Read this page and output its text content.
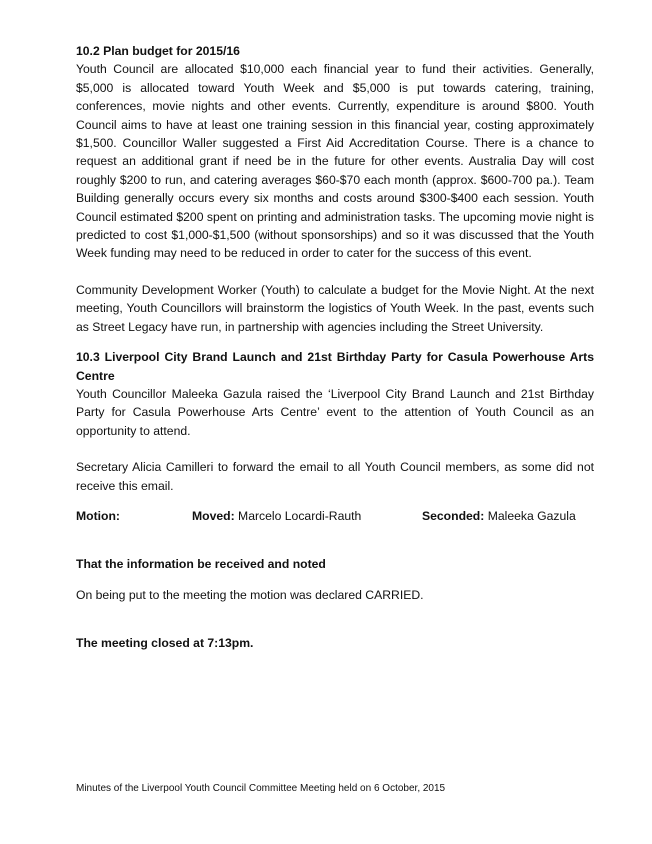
10.2 Plan budget for 2015/16

Youth Council are allocated $10,000 each financial year to fund their activities. Generally, $5,000 is allocated toward Youth Week and $5,000 is put towards catering, training, conferences, movie nights and other events. Currently, expenditure is around $800. Youth Council aims to have at least one training session in this financial year, costing approximately $1,500. Councillor Waller suggested a First Aid Accreditation Course. There is a chance to request an additional grant if need be in the future for other events. Australia Day will cost roughly $200 to run, and catering averages $60-$70 each month (approx. $600-700 pa.). Team Building generally occurs every six months and costs around $300-$400 each session. Youth Council estimated $200 spent on printing and administration tasks. The upcoming movie night is predicted to cost $1,000-$1,500 (without sponsorships) and so it was discussed that the Youth Week funding may need to be reduced in order to cater for the success of this event.

Community Development Worker (Youth) to calculate a budget for the Movie Night. At the next meeting, Youth Councillors will brainstorm the logistics of Youth Week. In the past, events such as Street Legacy have run, in partnership with agencies including the Street University.

10.3 Liverpool City Brand Launch and 21st Birthday Party for Casula Powerhouse Arts Centre

Youth Councillor Maleeka Gazula raised the ‘Liverpool City Brand Launch and 21st Birthday Party for Casula Powerhouse Arts Centre’ event to the attention of Youth Council as an opportunity to attend.

Secretary Alicia Camilleri to forward the email to all Youth Council members, as some did not receive this email.

Motion:	Moved: Marcelo Locardi-Rauth	Seconded: Maleeka Gazula

That the information be received and noted

On being put to the meeting the motion was declared CARRIED.

The meeting closed at 7:13pm.

Minutes of the Liverpool Youth Council Committee Meeting held on 6 October, 2015
